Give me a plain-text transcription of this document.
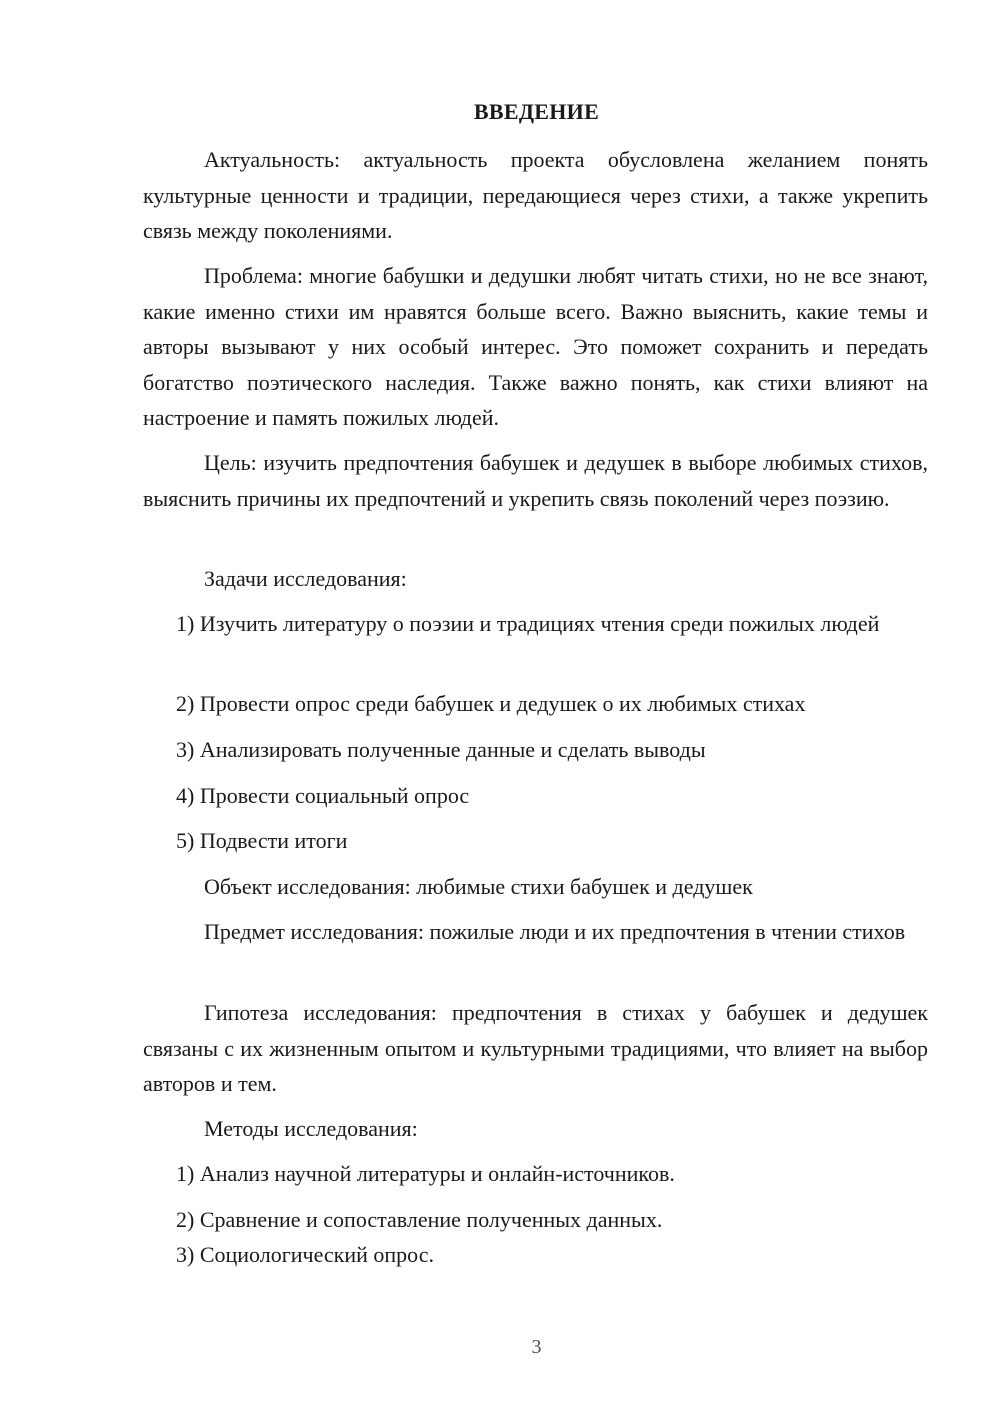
ВВЕДЕНИЕ

Актуальность: актуальность проекта обусловлена желанием понять культурные ценности и традиции, передающиеся через стихи, а также укрепить связь между поколениями.

Проблема: многие бабушки и дедушки любят читать стихи, но не все знают, какие именно стихи им нравятся больше всего. Важно выяснить, какие темы и авторы вызывают у них особый интерес. Это поможет сохранить и передать богатство поэтического наследия. Также важно понять, как стихи влияют на настроение и память пожилых людей.

Цель: изучить предпочтения бабушек и дедушек в выборе любимых стихов, выяснить причины их предпочтений и укрепить связь поколений через поэзию.

Задачи исследования:

1) Изучить литературу о поэзии и традициях чтения среди пожилых людей

2) Провести опрос среди бабушек и дедушек о их любимых стихах

3) Анализировать полученные данные и сделать выводы

4) Провести социальный опрос

5) Подвести итоги

Объект исследования: любимые стихи бабушек и дедушек

Предмет исследования: пожилые люди и их предпочтения в чтении стихов

Гипотеза исследования: предпочтения в стихах у бабушек и дедушек связаны с их жизненным опытом и культурными традициями, что влияет на выбор авторов и тем.

Методы исследования:

1) Анализ научной литературы и онлайн-источников.

2) Сравнение и сопоставление полученных данных.

3) Социологический опрос.

3
